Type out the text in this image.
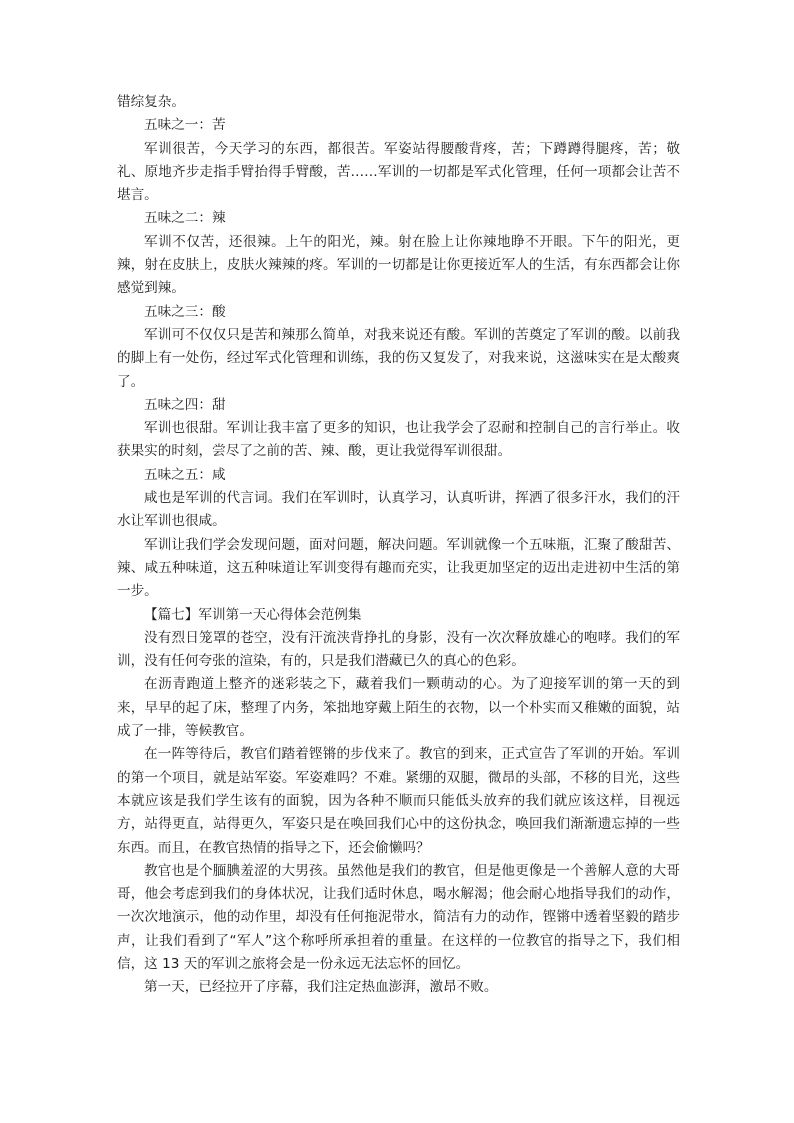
错综复杂。

五味之一：苦

军训很苦，今天学习的东西，都很苦。军姿站得腰酸背疼，苦；下蹲蹲得腿疼，苦；敬礼、原地齐步走指手臂抬得手臂酸，苦……军训的一切都是军式化管理，任何一项都会让苦不堪言。

五味之二：辣

军训不仅苦，还很辣。上午的阳光，辣。射在脸上让你辣地睁不开眼。下午的阳光，更辣，射在皮肤上，皮肤火辣辣的疼。军训的一切都是让你更接近军人的生活，有东西都会让你感觉到辣。

五味之三：酸

军训可不仅仅只是苦和辣那么简单，对我来说还有酸。军训的苦奠定了军训的酸。以前我的脚上有一处伤，经过军式化管理和训练，我的伤又复发了，对我来说，这滋味实在是太酸爽了。

五味之四：甜

军训也很甜。军训让我丰富了更多的知识，也让我学会了忍耐和控制自己的言行举止。收获果实的时刻，尝尽了之前的苦、辣、酸，更让我觉得军训很甜。

五味之五：咸

咸也是军训的代言词。我们在军训时，认真学习，认真听讲，挥洒了很多汗水，我们的汗水让军训也很咸。

军训让我们学会发现问题，面对问题，解决问题。军训就像一个五味瓶，汇聚了酸甜苦、辣、咸五种味道，这五种味道让军训变得有趣而充实，让我更加坚定的迈出走进初中生活的第一步。

【篇七】军训第一天心得体会范例集

没有烈日笼罩的苍空，没有汗流浃背挣扎的身影，没有一次次释放雄心的咆哮。我们的军训，没有任何夸张的渲染，有的，只是我们潜藏已久的真心的色彩。

在沥青跑道上整齐的迷彩装之下，藏着我们一颗萌动的心。为了迎接军训的第一天的到来，早早的起了床，整理了内务，笨拙地穿戴上陌生的衣物，以一个朴实而又稚嫩的面貌，站成了一排，等候教官。

在一阵等待后，教官们踏着铿锵的步伐来了。教官的到来，正式宣告了军训的开始。军训的第一个项目，就是站军姿。军姿难吗？不难。紧绷的双腿，微昂的头部，不移的目光，这些本就应该是我们学生该有的面貌，因为各种不顺而只能低头放弃的我们就应该这样，目视远方，站得更直，站得更久，军姿只是在唤回我们心中的这份执念，唤回我们渐渐遗忘掉的一些东西。而且，在教官热情的指导之下，还会偷懒吗？

教官也是个腼腆羞涩的大男孩。虽然他是我们的教官，但是他更像是一个善解人意的大哥哥，他会考虑到我们的身体状况，让我们适时休息，喝水解渴；他会耐心地指导我们的动作，一次次地演示，他的动作里，却没有任何拖泥带水，简洁有力的动作，铿锵中透着坚毅的踏步声，让我们看到了“军人”这个称呼所承担着的重量。在这样的一位教官的指导之下，我们相信，这 13 天的军训之旅将会是一份永远无法忘怀的回忆。

第一天，已经拉开了序幕，我们注定热血澎湃，激昂不败。
